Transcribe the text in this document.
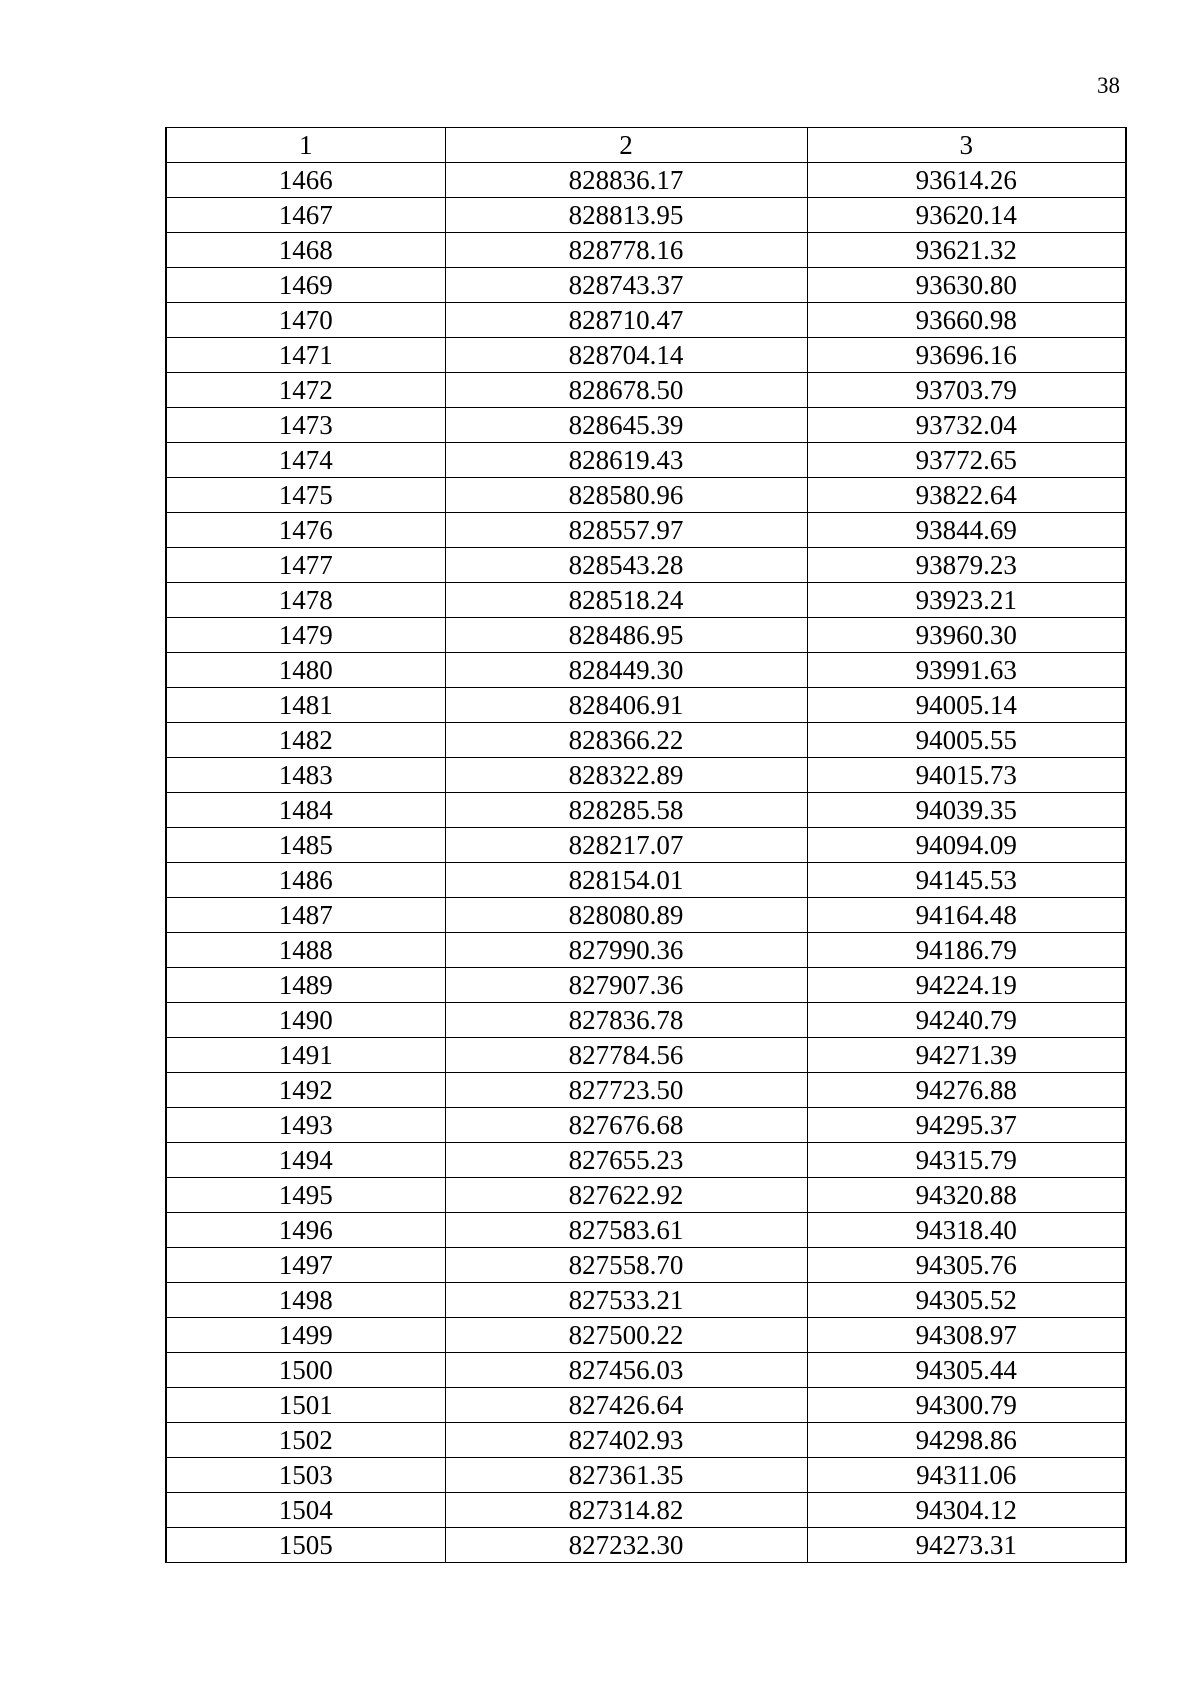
38
1	2	3
1466	828836.17	93614.26
1467	828813.95	93620.14
1468	828778.16	93621.32
1469	828743.37	93630.80
1470	828710.47	93660.98
1471	828704.14	93696.16
1472	828678.50	93703.79
1473	828645.39	93732.04
1474	828619.43	93772.65
1475	828580.96	93822.64
1476	828557.97	93844.69
1477	828543.28	93879.23
1478	828518.24	93923.21
1479	828486.95	93960.30
1480	828449.30	93991.63
1481	828406.91	94005.14
1482	828366.22	94005.55
1483	828322.89	94015.73
1484	828285.58	94039.35
1485	828217.07	94094.09
1486	828154.01	94145.53
1487	828080.89	94164.48
1488	827990.36	94186.79
1489	827907.36	94224.19
1490	827836.78	94240.79
1491	827784.56	94271.39
1492	827723.50	94276.88
1493	827676.68	94295.37
1494	827655.23	94315.79
1495	827622.92	94320.88
1496	827583.61	94318.40
1497	827558.70	94305.76
1498	827533.21	94305.52
1499	827500.22	94308.97
1500	827456.03	94305.44
1501	827426.64	94300.79
1502	827402.93	94298.86
1503	827361.35	94311.06
1504	827314.82	94304.12
1505	827232.30	94273.31
